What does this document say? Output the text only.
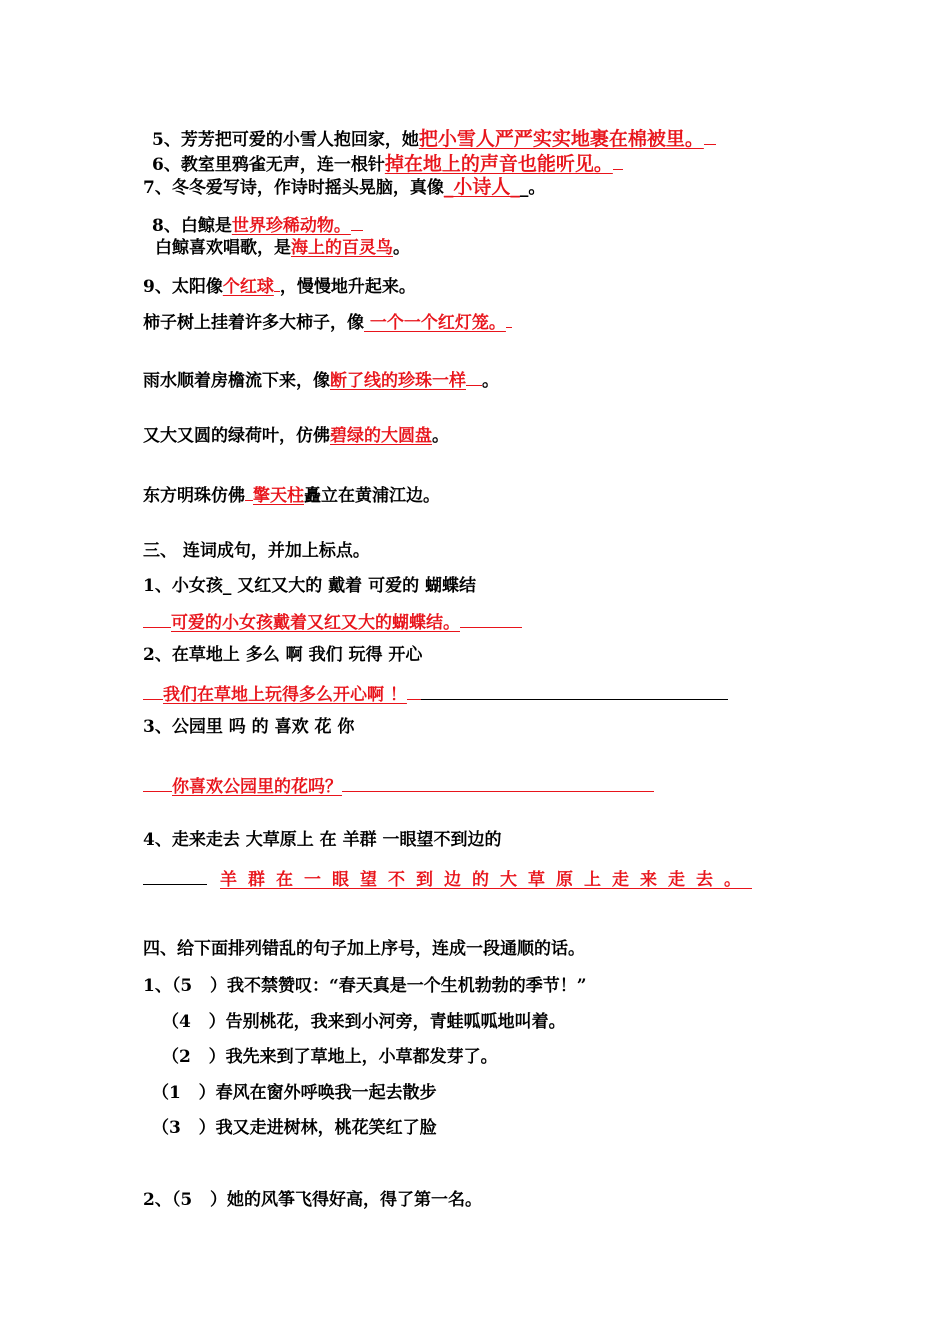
5、芳芳把可爱的小雪人抱回家，她把小雪人严严实实地裹在棉被里。
6、教室里鸦雀无声，连一根针掉在地上的声音也能听见。
7、冬冬爱写诗，作诗时摇头晃脑，真像_小诗人__。
8、白鲸是世界珍稀动物。
白鲸喜欢唱歌，是海上的百灵鸟。
9、太阳像个红球 ，慢慢地升起来。
柿子树上挂着许多大柿子，像 一个一个红灯笼。
雨水顺着房檐流下来，像断了线的珍珠一样 。
又大又圆的绿荷叶，仿佛碧绿的大圆盘。
东方明珠仿佛 擎天柱矗立在黄浦江边。
三、 连词成句，并加上标点。
1、小女孩_ 又红又大的 戴着 可爱的 蝴蝶结
可爱的小女孩戴着又红又大的蝴蝶结。
2、在草地上 多么 啊 我们 玩得 开心
我们在草地上玩得多么开心啊 ！
3、公园里 吗 的 喜欢 花 你
你喜欢公园里的花吗？
4、走来走去 大草原上 在 羊群 一眼望不到边的
羊群在一眼望不到边的大草原上走来走去。
四、给下面排列错乱的句子加上序号，连成一段通顺的话。
1、（5   ）我不禁赞叹：“春天真是一个生机勃勃的季节！”
（4   ）告别桃花，我来到小河旁，青蛙呱呱地叫着。
（2   ）我先来到了草地上，小草都发芽了。
（1   ）春风在窗外呼唤我一起去散步
（3   ）我又走进树林，桃花笑红了脸
2、（5   ）她的风筝飞得好高，得了第一名。
